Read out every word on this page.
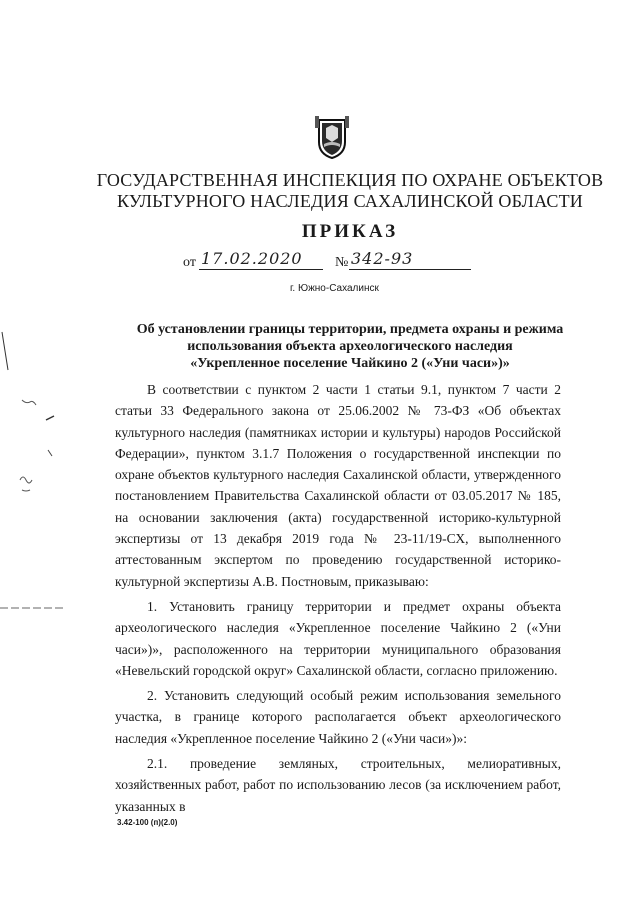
ГОСУДАРСТВЕННАЯ ИНСПЕКЦИЯ ПО ОХРАНЕ ОБЪЕКТОВ
КУЛЬТУРНОГО НАСЛЕДИЯ САХАЛИНСКОЙ ОБЛАСТИ
ПРИКАЗ
от 17.02.2020 № 342-93
г. Южно-Сахалинск
Об установлении границы территории, предмета охраны и режима
использования объекта археологического наследия
«Укрепленное поселение Чайкино 2 («Уни часи»)»

В соответствии с пунктом 2 части 1 статьи 9.1, пунктом 7 части 2 статьи 33 Федерального закона от 25.06.2002 № 73-ФЗ «Об объектах культурного наследия (памятниках истории и культуры) народов Российской Федерации», пунктом 3.1.7 Положения о государственной инспекции по охране объектов культурного наследия Сахалинской области, утвержденного постановлением Правительства Сахалинской области от 03.05.2017 № 185, на основании заключения (акта) государственной историко-культурной экспертизы от 13 декабря 2019 года № 23-11/19-СХ, выполненного аттестованным экспертом по проведению государственной историко-культурной экспертизы А.В. Постновым, приказываю:

1. Установить границу территории и предмет охраны объекта археологического наследия «Укрепленное поселение Чайкино 2 («Уни часи»)», расположенного на территории муниципального образования «Невельский городской округ» Сахалинской области, согласно приложению.

2. Установить следующий особый режим использования земельного участка, в границе которого располагается объект археологического наследия «Укрепленное поселение Чайкино 2 («Уни часи»)»:

2.1. проведение земляных, строительных, мелиоративных, хозяйственных работ, работ по использованию лесов (за исключением работ, указанных в

3.42-100 (п)(2.0)
